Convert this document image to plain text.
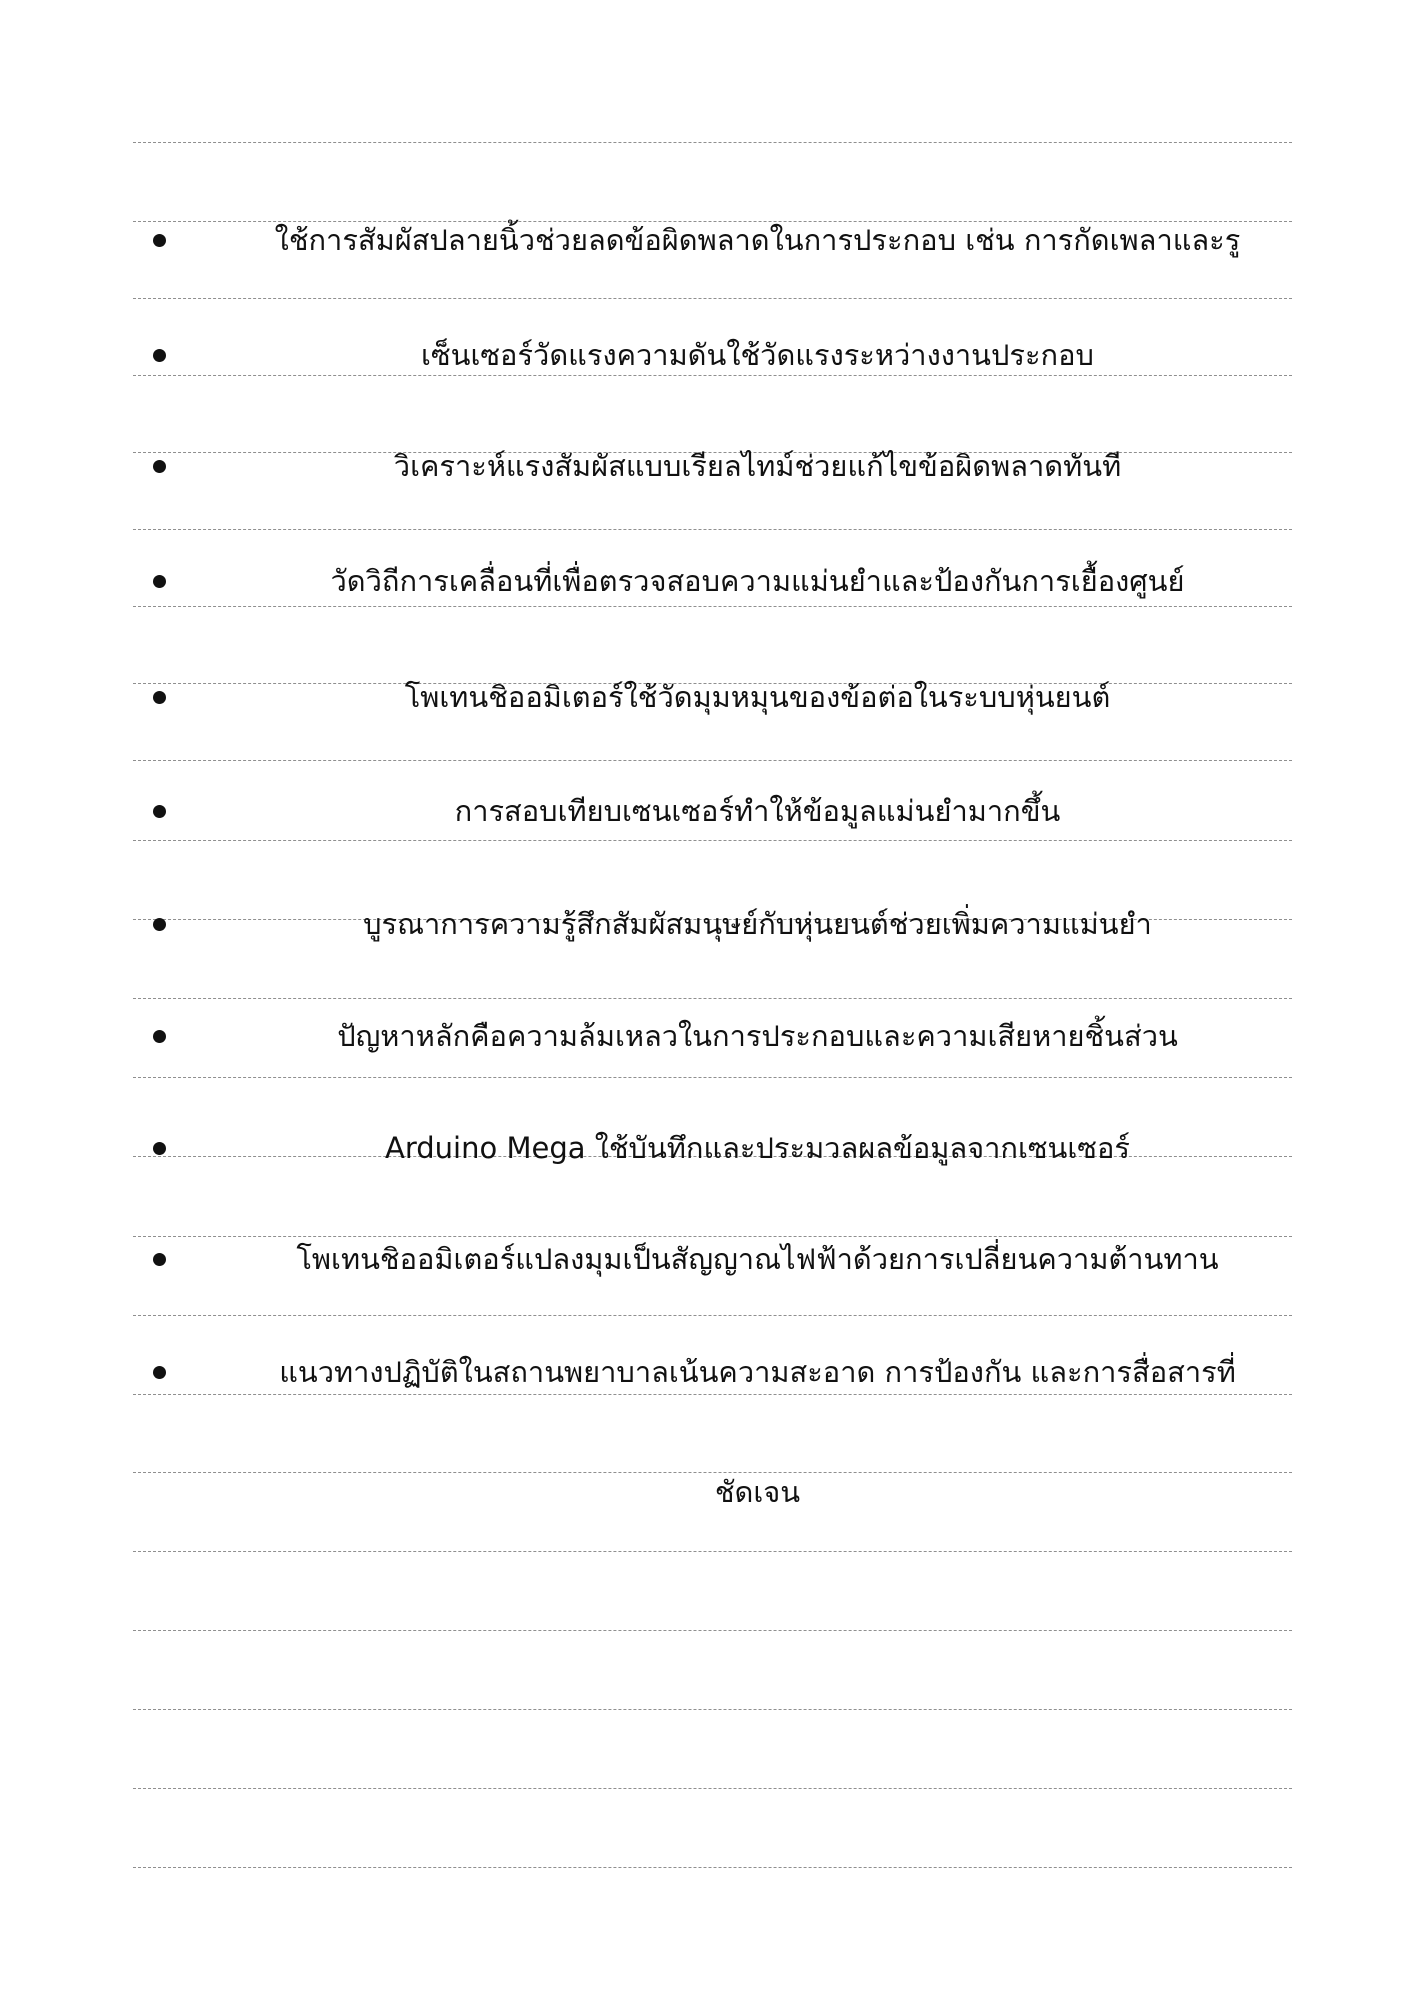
ใช้การสัมผัสปลายนิ้วช่วยลดข้อผิดพลาดในการประกอบ เช่น การกัดเพลาและรู
เซ็นเซอร์วัดแรงความดันใช้วัดแรงระหว่างงานประกอบ
วิเคราะห์แรงสัมผัสแบบเรียลไทม์ช่วยแก้ไขข้อผิดพลาดทันที
วัดวิถีการเคลื่อนที่เพื่อตรวจสอบความแม่นยำและป้องกันการเยื้องศูนย์
โพเทนชิออมิเตอร์ใช้วัดมุมหมุนของข้อต่อในระบบหุ่นยนต์
การสอบเทียบเซนเซอร์ทำให้ข้อมูลแม่นยำมากขึ้น
บูรณาการความรู้สึกสัมผัสมนุษย์กับหุ่นยนต์ช่วยเพิ่มความแม่นยำ
ปัญหาหลักคือความล้มเหลวในการประกอบและความเสียหายชิ้นส่วน
Arduino Mega ใช้บันทึกและประมวลผลข้อมูลจากเซนเซอร์
โพเทนชิออมิเตอร์แปลงมุมเป็นสัญญาณไฟฟ้าด้วยการเปลี่ยนความต้านทาน
แนวทางปฏิบัติในสถานพยาบาลเน้นความสะอาด การป้องกัน และการสื่อสารที่
ชัดเจน
